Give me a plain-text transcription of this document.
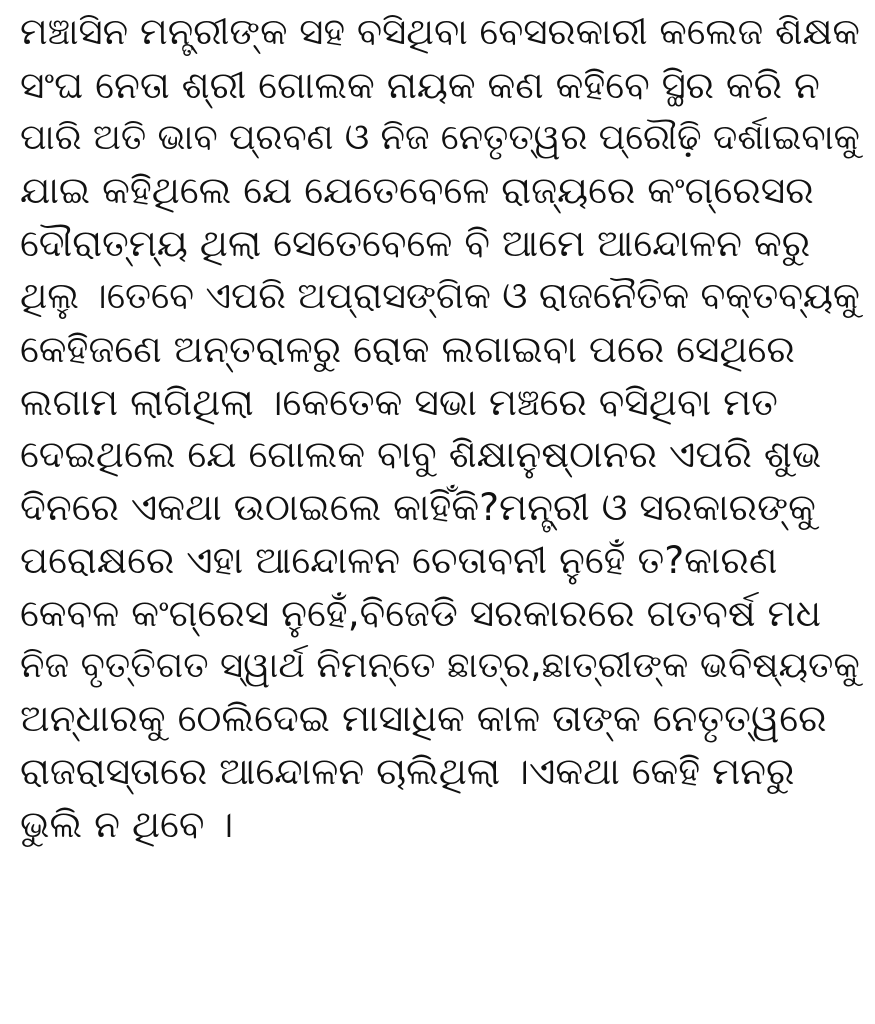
ମଞ୍ଚାସିନ ମନ୍ତ୍ରୀଙ୍କ ସହ ବସିଥିବା ବେସରକାରୀ କଲେଜ ଶିକ୍ଷକ
ସଂଘ ନେତା ଶ୍ରୀ ଗୋଲକ ନାୟକ କଣ କହିବେ ସ୍ଥିର କରି ନ
ପାରି ଅତି ଭାବ ପ୍ରବଣ ଓ ନିଜ ନେତୃତ୍ୱର ପ୍ରୌଢ଼ି ଦର୍ଶାଇବାକୁ
ଯାଇ କହିଥିଲେ ଯେ ଯେତେବେଳେ ରାଜ୍ୟରେ କଂଗ୍ରେସର
ଦୌରାତ୍ମ୍ୟ ଥିଲା ସେତେବେଳେ ବି ଆମେ ଆନ୍ଦୋଳନ କରୁ
ଥିଲୁ ।ତେବେ ଏପରି ଅପ୍ରାସଙ୍ଗିକ ଓ ରାଜନୈତିକ ବକ୍ତବ୍ୟକୁ
କେହିଜଣେ ଅନ୍ତରାଳରୁ ରୋକ ଲଗାଇବା ପରେ ସେଥିରେ
ଲଗାମ ଲାଗିଥିଲା ।କେତେକ ସଭା ମଞ୍ଚରେ ବସିଥିବା ମତ
ଦେଇଥିଲେ ଯେ ଗୋଲକ ବାବୁ ଶିକ୍ଷାନୁଷ୍ଠାନର ଏପରି ଶୁଭ
ଦିନରେ ଏକଥା ଉଠାଇଲେ କାହିଁକି?ମନ୍ତ୍ରୀ ଓ ସରକାରଙ୍କୁ
ପରୋକ୍ଷରେ ଏହା ଆନ୍ଦୋଳନ ଚେତାବନୀ ନୁହେଁ ତ?କାରଣ
କେବଳ କଂଗ୍ରେସ ନୁହେଁ,ବିଜେଡି ସରକାରରେ ଗତବର୍ଷ ମଧ
ନିଜ ବୃତ୍ତିଗତ ସ୍ୱାର୍ଥ ନିମନ୍ତେ ଛାତ୍ର,ଛାତ୍ରୀଙ୍କ ଭବିଷ୍ୟତକୁ
ଅନ୍ଧାରକୁ ଠେଲିଦେଇ ମାସାଧିକ କାଳ ତାଙ୍କ ନେତୃତ୍ୱରେ
ରାଜରାସ୍ତାରେ ଆନ୍ଦୋଳନ ଚାଲିଥିଲା ।ଏକଥା କେହି ମନରୁ
ଭୁଲି ନ ଥିବେ ।
